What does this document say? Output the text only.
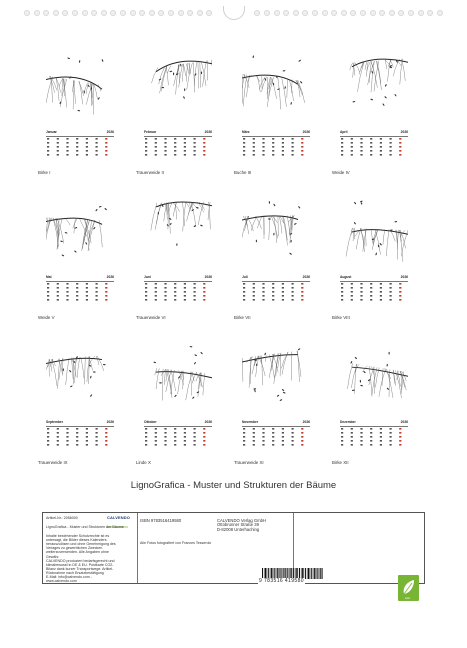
Januar	2026
Birke I
Februar	2026
Trauerweide II
März	2026
Buche III
April	2026
Weide IV
Mai	2026
Weide V
Juni	2026
Trauerweide VI
Juli	2026
Birke VII
August	2026
Birke VIII
September	2026
Trauerweide IX
Oktober	2026
Linde X
November	2026
Trauerweide XI
Dezember	2026
Birke XII
LignoGrafica - Muster und Strukturen der Bäume
Artikel-Nr.: 2056000	CALVENDO
LignoGrafica - Muster und Strukturen der Bäume
Inhalte bestehender Schutzrechte ist es
untersagt, die Bilder dieses Kalenders
herauszulösen und ohne Genehmigung des
Verlages zu gewerblichen Zwecken
weiterzuverwenden. Alle Angaben ohne
Gewähr.
CALVENDO produziert bedarfsgerecht und
klimabewusst in DE & EU. Postkarte CO2-
Bilanz dank kurzer Transportwege. Artikel-
Rücknahme nach Ersatzbestätigung
E-Mail: info@calvendo.com -
www.calvendo.com
ISBN 9783516419580	CALVENDO Verlag GmbH
Ottobrunner Straße 39
D-82008 Unterhaching
Alle Fotos fotografiert von Frances Tesserolo
9 783516 419580
co2
